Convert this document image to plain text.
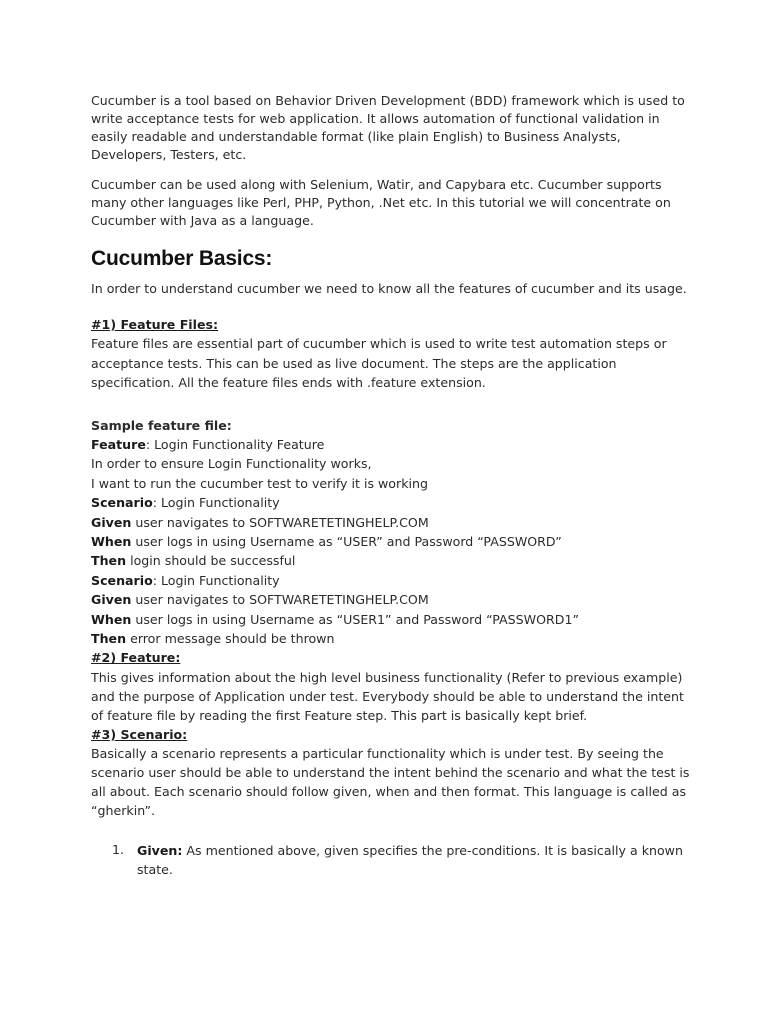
Cucumber is a tool based on Behavior Driven Development (BDD) framework which is used to write acceptance tests for web application. It allows automation of functional validation in easily readable and understandable format (like plain English) to Business Analysts, Developers, Testers, etc.

Cucumber can be used along with Selenium, Watir, and Capybara etc. Cucumber supports many other languages like Perl, PHP, Python, .Net etc. In this tutorial we will concentrate on Cucumber with Java as a language.

Cucumber Basics:

In order to understand cucumber we need to know all the features of cucumber and its usage.

#1) Feature Files:

Feature files are essential part of cucumber which is used to write test automation steps or acceptance tests. This can be used as live document. The steps are the application specification. All the feature files ends with .feature extension.

Sample feature file:
Feature: Login Functionality Feature
In order to ensure Login Functionality works,
I want to run the cucumber test to verify it is working
Scenario: Login Functionality
Given user navigates to SOFTWARETETINGHELP.COM
When user logs in using Username as “USER” and Password “PASSWORD”
Then login should be successful
Scenario: Login Functionality
Given user navigates to SOFTWARETETINGHELP.COM
When user logs in using Username as “USER1” and Password “PASSWORD1”
Then error message should be thrown
#2) Feature:

This gives information about the high level business functionality (Refer to previous example) and the purpose of Application under test. Everybody should be able to understand the intent of feature file by reading the first Feature step. This part is basically kept brief.

#3) Scenario:

Basically a scenario represents a particular functionality which is under test. By seeing the scenario user should be able to understand the intent behind the scenario and what the test is all about. Each scenario should follow given, when and then format. This language is called as “gherkin”.

1. Given: As mentioned above, given specifies the pre-conditions. It is basically a known state.
